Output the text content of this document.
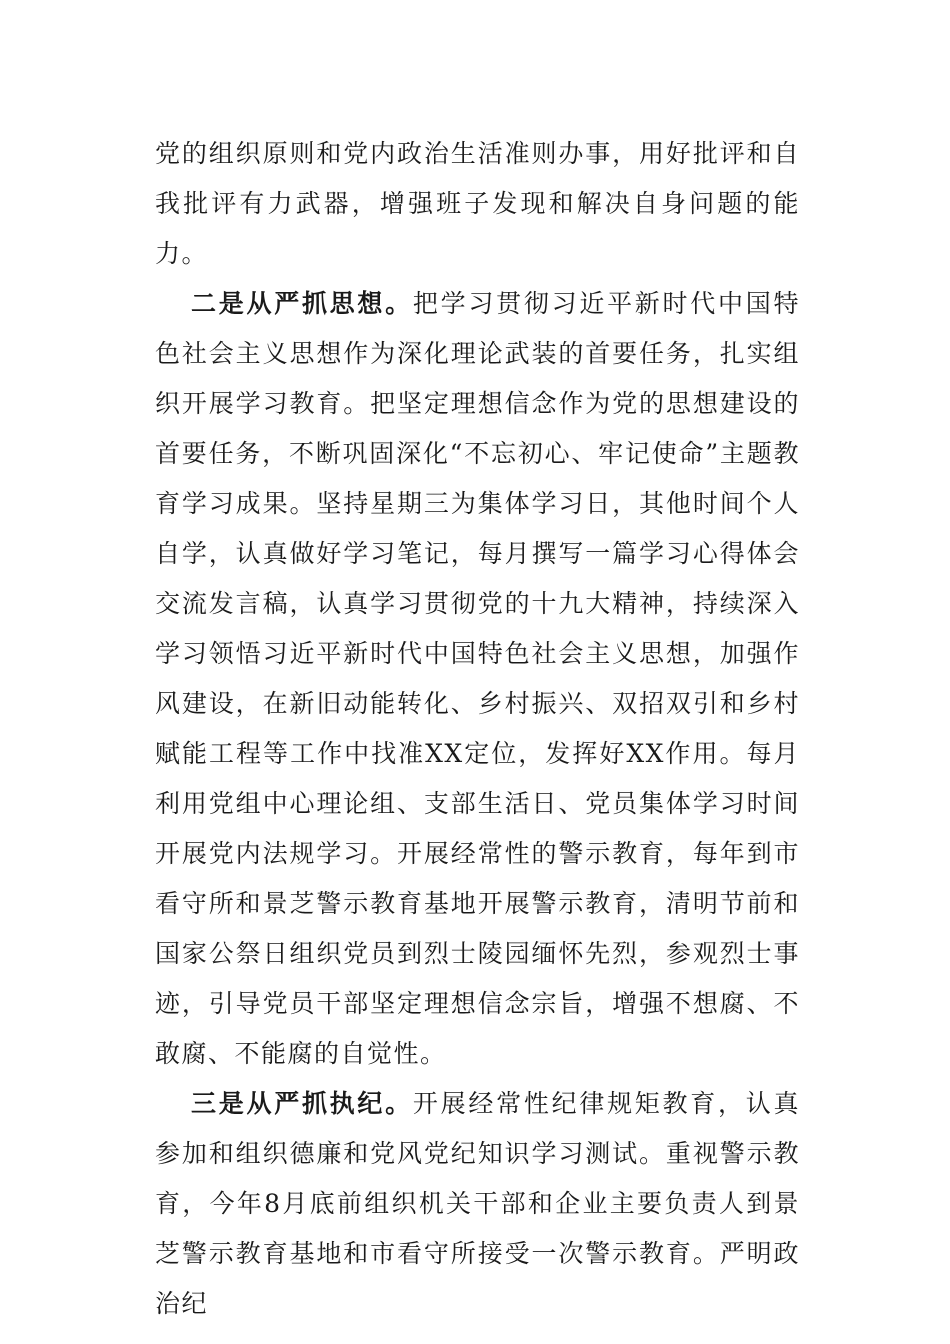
党的组织原则和党内政治生活准则办事，用好批评和自我批评有力武器，增强班子发现和解决自身问题的能力。

二是从严抓思想。把学习贯彻习近平新时代中国特色社会主义思想作为深化理论武装的首要任务，扎实组织开展学习教育。把坚定理想信念作为党的思想建设的首要任务，不断巩固深化“不忘初心、牢记使命”主题教育学习成果。坚持星期三为集体学习日，其他时间个人自学，认真做好学习笔记，每月撰写一篇学习心得体会交流发言稿，认真学习贯彻党的十九大精神，持续深入学习领悟习近平新时代中国特色社会主义思想，加强作风建设，在新旧动能转化、乡村振兴、双招双引和乡村赋能工程等工作中找准XX定位，发挥好XX作用。每月利用党组中心理论组、支部生活日、党员集体学习时间开展党内法规学习。开展经常性的警示教育，每年到市看守所和景芝警示教育基地开展警示教育，清明节前和国家公祭日组织党员到烈士陵园缅怀先烈，参观烈士事迹，引导党员干部坚定理想信念宗旨，增强不想腐、不敢腐、不能腐的自觉性。

三是从严抓执纪。开展经常性纪律规矩教育，认真参加和组织德廉和党风党纪知识学习测试。重视警示教育，今年8月底前组织机关干部和企业主要负责人到景芝警示教育基地和市看守所接受一次警示教育。严明政治纪
